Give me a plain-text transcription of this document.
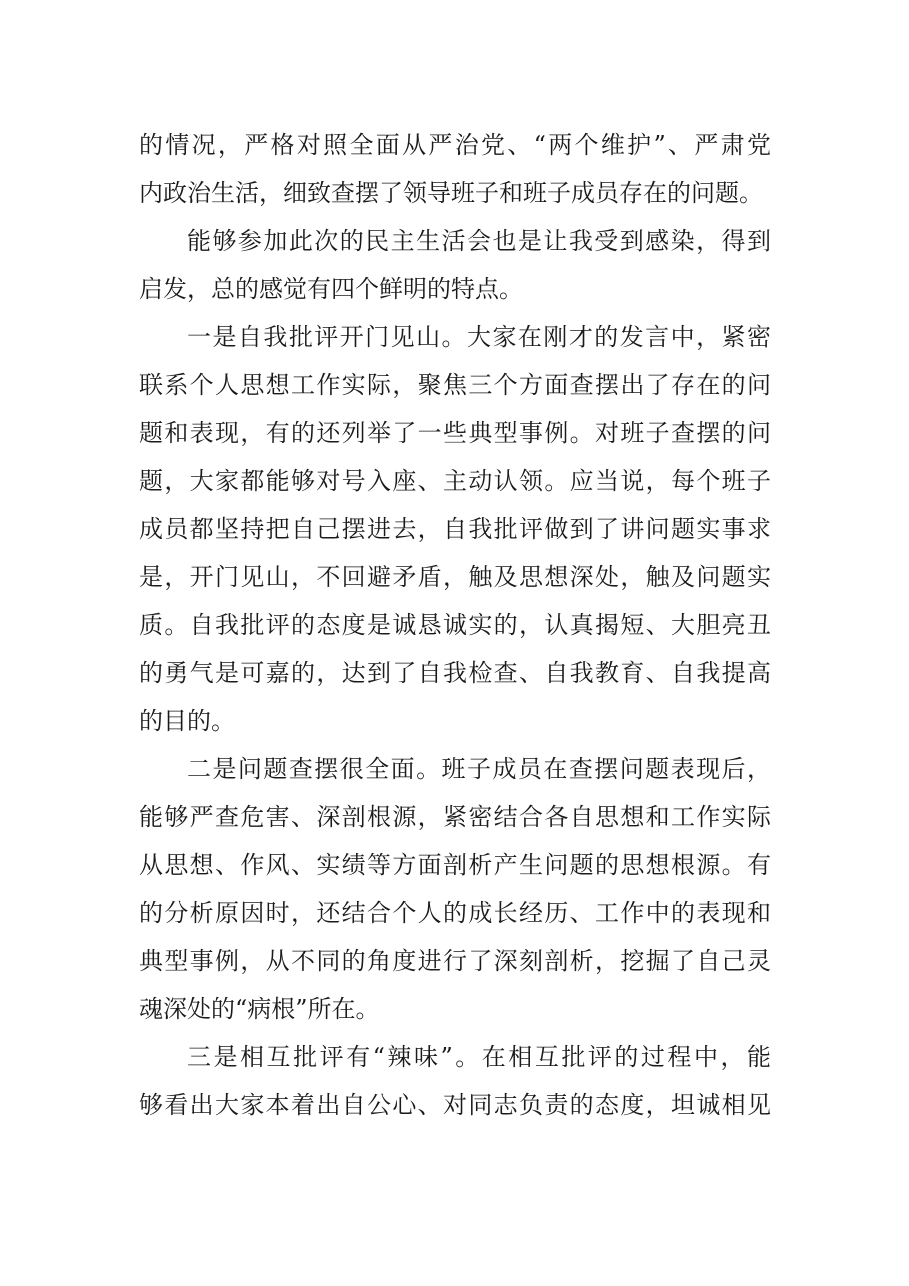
的情况，严格对照全面从严治党、“两个维护”、严肃党
内政治生活，细致查摆了领导班子和班子成员存在的问题。
能够参加此次的民主生活会也是让我受到感染，得到
启发，总的感觉有四个鲜明的特点。
一是自我批评开门见山。大家在刚才的发言中，紧密
联系个人思想工作实际，聚焦三个方面查摆出了存在的问
题和表现，有的还列举了一些典型事例。对班子查摆的问
题，大家都能够对号入座、主动认领。应当说，每个班子
成员都坚持把自己摆进去，自我批评做到了讲问题实事求
是，开门见山，不回避矛盾，触及思想深处，触及问题实
质。自我批评的态度是诚恳诚实的，认真揭短、大胆亮丑
的勇气是可嘉的，达到了自我检查、自我教育、自我提高
的目的。
二是问题查摆很全面。班子成员在查摆问题表现后，
能够严查危害、深剖根源，紧密结合各自思想和工作实际
从思想、作风、实绩等方面剖析产生问题的思想根源。有
的分析原因时，还结合个人的成长经历、工作中的表现和
典型事例，从不同的角度进行了深刻剖析，挖掘了自己灵
魂深处的“病根”所在。
三是相互批评有“辣味”。在相互批评的过程中，能
够看出大家本着出自公心、对同志负责的态度，坦诚相见
